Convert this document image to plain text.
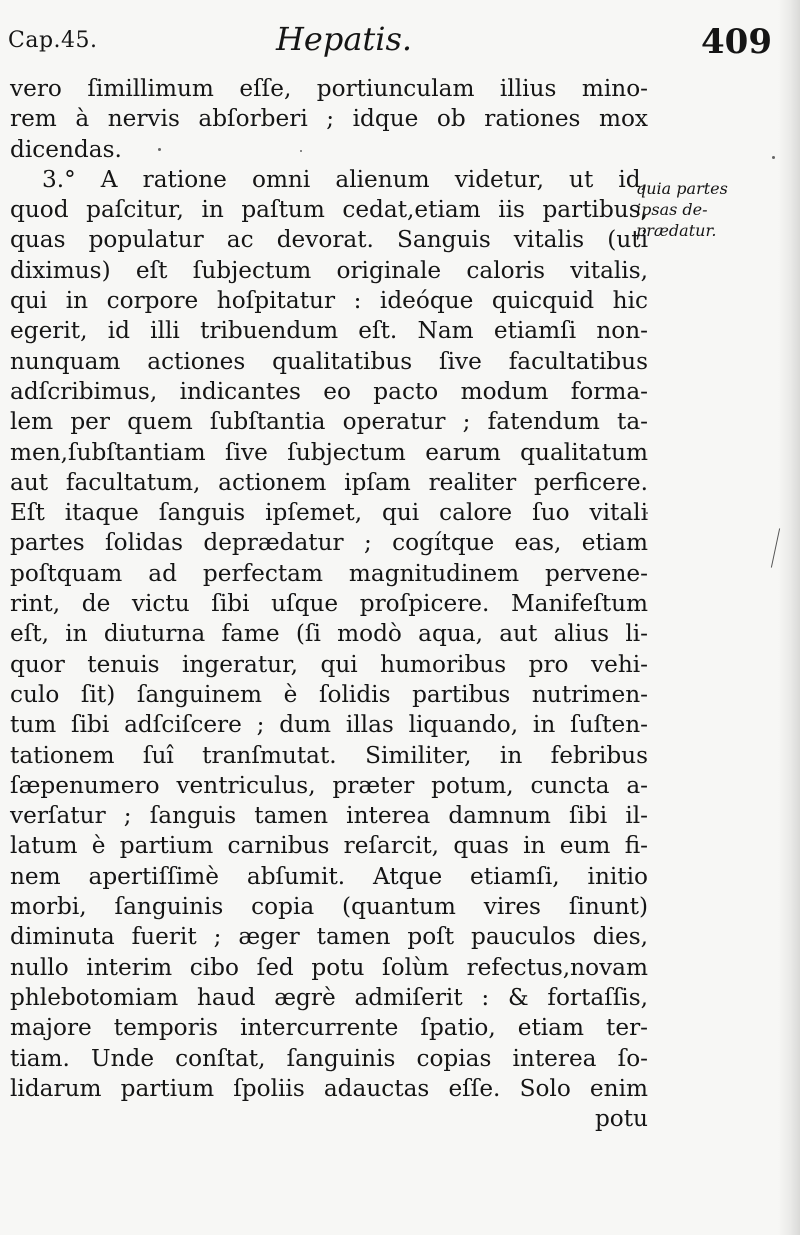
Cap.45.	Hepatis.	409
vero ſimillimum eſſe, portiunculam illius mino-
rem à nervis abſorberi ; idque ob rationes mox
dicendas.
3.° A ratione omni alienum videtur, ut id,
quod paſcitur, in paſtum cedat,etiam iis partibus,
quas populatur ac devorat. Sanguis vitalis (uti
diximus) eſt ſubjectum originale caloris vitalis,
qui in corpore hoſpitatur : ideóque quicquid hic
egerit, id illi tribuendum eſt. Nam etiamſi non-
nunquam actiones qualitatibus ſive facultatibus
adſcribimus, indicantes eo pacto modum forma-
lem per quem ſubſtantia operatur ; fatendum ta-
men,ſubſtantiam ſive ſubjectum earum qualitatum
aut facultatum, actionem ipſam realiter perficere.
Eſt itaque ſanguis ipſemet, qui calore ſuo vitali
partes ſolidas deprædatur ; cogítque eas, etiam
poſtquam ad perfectam magnitudinem pervene-
rint, de victu ſibi uſque proſpicere. Manifeſtum
eſt, in diuturna fame (ſi modò aqua, aut alius li-
quor tenuis ingeratur, qui humoribus pro vehi-
culo ſit) ſanguinem è ſolidis partibus nutrimen-
tum ſibi adſciſcere ; dum illas liquando, in ſuſten-
tationem ſuî tranſmutat. Similiter, in febribus
ſæpenumero ventriculus, præter potum, cuncta a-
verſatur ; ſanguis tamen interea damnum ſibi il-
latum è partium carnibus reſarcit, quas in eum fi-
nem apertiſſimè abſumit. Atque etiamſi, initio
morbi, ſanguinis copia (quantum vires ſinunt)
diminuta fuerit ; æger tamen poſt pauculos dies,
nullo interim cibo ſed potu ſolùm refectus,novam
phlebotomiam haud ægrè admiſerit : & fortaſſis,
majore temporis intercurrente ſpatio, etiam ter-
tiam. Unde conſtat, ſanguinis copias interea ſo-
lidarum partium ſpoliis adauctas eſſe. Solo enim
potu
quia partes
ipsas de-
prædatur.
